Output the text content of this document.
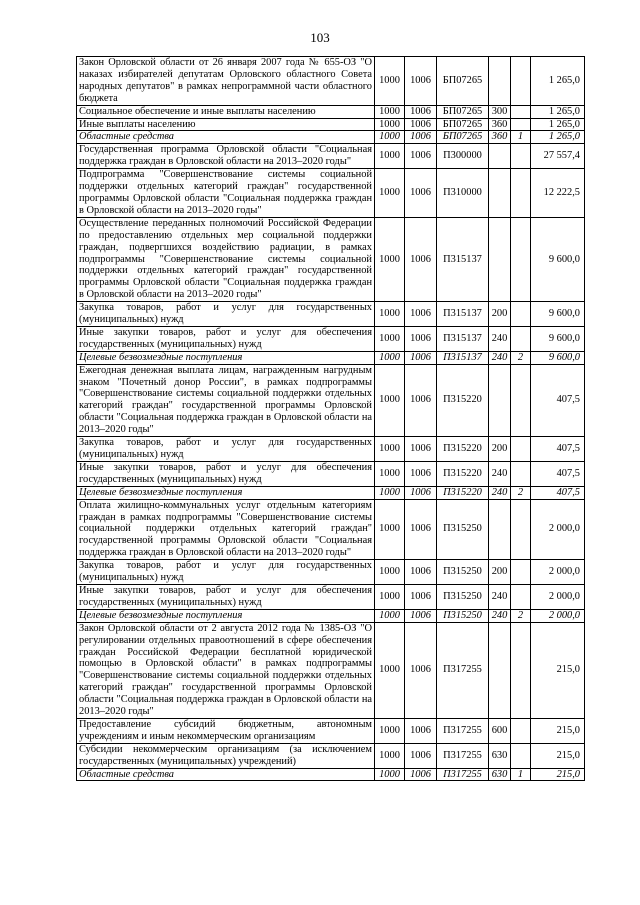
103
Закон Орловской области от 26 января 2007 года № 655-ОЗ "О наказах избирателей депутатам Орловского областного Совета народных депутатов" в рамках непрограммной части областного бюджета	1000	1006	БП07265			1 265,0
Социальное обеспечение и иные выплаты населению	1000	1006	БП07265	300		1 265,0
Иные выплаты населению	1000	1006	БП07265	360		1 265,0
Областные средства	1000	1006	БП07265	360	1	1 265,0
Государственная программа Орловской области "Социальная поддержка граждан в Орловской области на 2013–2020 годы"	1000	1006	П300000			27 557,4
Подпрограмма "Совершенствование системы социальной поддержки отдельных категорий граждан" государственной программы Орловской области "Социальная поддержка граждан в Орловской области на 2013–2020 годы"	1000	1006	П310000			12 222,5
Осуществление переданных полномочий Российской Федерации по предоставлению отдельных мер социальной поддержки граждан, подвергшихся воздействию радиации, в рамках подпрограммы "Совершенствование системы социальной поддержки отдельных категорий граждан" государственной программы Орловской области "Социальная поддержка граждан в Орловской области на 2013–2020 годы"	1000	1006	П315137			9 600,0
Закупка товаров, работ и услуг для государственных (муниципальных) нужд	1000	1006	П315137	200		9 600,0
Иные закупки товаров, работ и услуг для обеспечения государственных (муниципальных) нужд	1000	1006	П315137	240		9 600,0
Целевые безвозмездные поступления	1000	1006	П315137	240	2	9 600,0
Ежегодная денежная выплата лицам, награжденным нагрудным знаком "Почетный донор России", в рамках подпрограммы "Совершенствование системы социальной поддержки отдельных категорий граждан" государственной программы Орловской области "Социальная поддержка граждан в Орловской области на 2013–2020 годы"	1000	1006	П315220			407,5
Закупка товаров, работ и услуг для государственных (муниципальных) нужд	1000	1006	П315220	200		407,5
Иные закупки товаров, работ и услуг для обеспечения государственных (муниципальных) нужд	1000	1006	П315220	240		407,5
Целевые безвозмездные поступления	1000	1006	П315220	240	2	407,5
Оплата жилищно-коммунальных услуг отдельным категориям граждан в рамках подпрограммы "Совершенствование системы социальной поддержки отдельных категорий граждан" государственной программы Орловской области "Социальная поддержка граждан в Орловской области на 2013–2020 годы"	1000	1006	П315250			2 000,0
Закупка товаров, работ и услуг для государственных (муниципальных) нужд	1000	1006	П315250	200		2 000,0
Иные закупки товаров, работ и услуг для обеспечения государственных (муниципальных) нужд	1000	1006	П315250	240		2 000,0
Целевые безвозмездные поступления	1000	1006	П315250	240	2	2 000,0
Закон Орловской области от 2 августа 2012 года № 1385-ОЗ "О регулировании отдельных правоотношений в сфере обеспечения граждан Российской Федерации бесплатной юридической помощью в Орловской области" в рамках подпрограммы "Совершенствование системы социальной поддержки отдельных категорий граждан" государственной программы Орловской области "Социальная поддержка граждан в Орловской области на 2013–2020 годы"	1000	1006	П317255			215,0
Предоставление субсидий бюджетным, автономным учреждениям и иным некоммерческим организациям	1000	1006	П317255	600		215,0
Субсидии некоммерческим организациям (за исключением государственных (муниципальных) учреждений)	1000	1006	П317255	630		215,0
Областные средства	1000	1006	П317255	630	1	215,0
